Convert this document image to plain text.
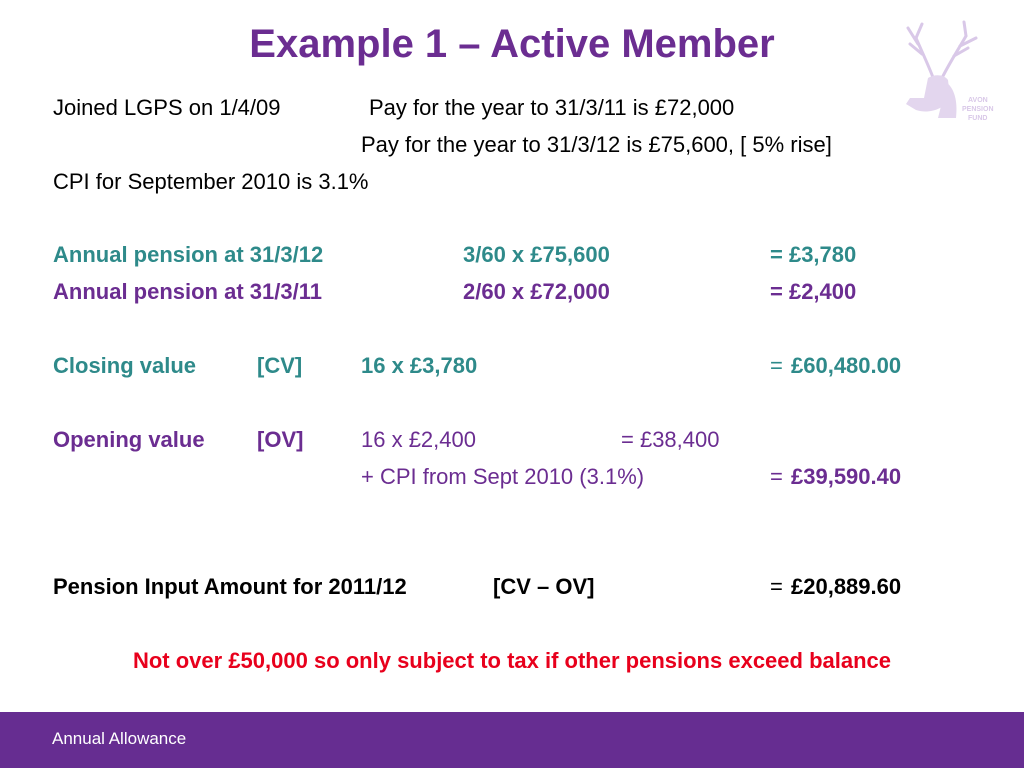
Example 1 – Active Member
AVON
PENSION
FUND
Joined LGPS on 1/4/09	Pay for the year to 31/3/11 is £72,000
Pay for the year to 31/3/12 is £75,600, [ 5% rise]
CPI for September 2010 is 3.1%
Annual pension at 31/3/12	3/60 x £75,600	= £3,780
Annual pension at 31/3/11	2/60 x £72,000	= £2,400
Closing value	[CV]	16 x £3,780	= £60,480.00
Opening value [OV]	16 x £2,400	= £38,400
+ CPI from Sept 2010 (3.1%)	= £39,590.40
Pension Input Amount for 2011/12	[CV – OV]	= £20,889.60
Not over £50,000 so only subject to tax if other pensions exceed balance
Annual Allowance
